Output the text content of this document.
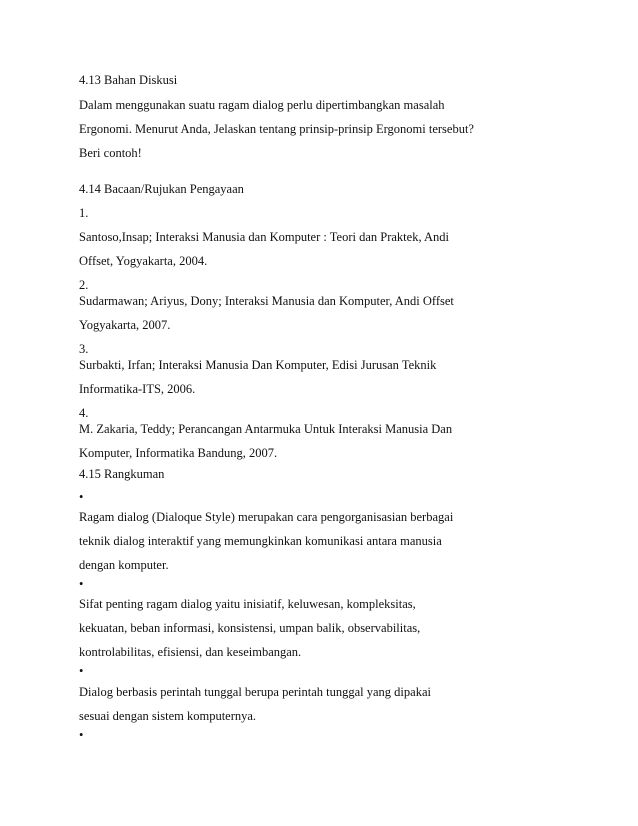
4.13 Bahan Diskusi
Dalam menggunakan suatu ragam dialog perlu dipertimbangkan masalah
Ergonomi. Menurut Anda, Jelaskan tentang prinsip-prinsip Ergonomi tersebut?
Beri contoh!
4.14 Bacaan/Rujukan Pengayaan
1.
Santoso,Insap; Interaksi Manusia dan Komputer : Teori dan Praktek, Andi
Offset, Yogyakarta, 2004.
2.
Sudarmawan; Ariyus, Dony; Interaksi Manusia dan Komputer, Andi Offset
Yogyakarta, 2007.
3.
Surbakti, Irfan; Interaksi Manusia Dan Komputer, Edisi Jurusan Teknik
Informatika-ITS, 2006.
4.
M. Zakaria, Teddy; Perancangan Antarmuka Untuk Interaksi Manusia Dan
Komputer, Informatika Bandung, 2007.
4.15 Rangkuman
•
Ragam dialog (Dialoque Style) merupakan cara pengorganisasian berbagai
teknik dialog interaktif yang memungkinkan komunikasi antara manusia
dengan komputer.
•
Sifat penting ragam dialog yaitu inisiatif, keluwesan, kompleksitas,
kekuatan, beban informasi, konsistensi, umpan balik, observabilitas,
kontrolabilitas, efisiensi, dan keseimbangan.
•
Dialog berbasis perintah tunggal berupa perintah tunggal yang dipakai
sesuai dengan sistem komputernya.
•
